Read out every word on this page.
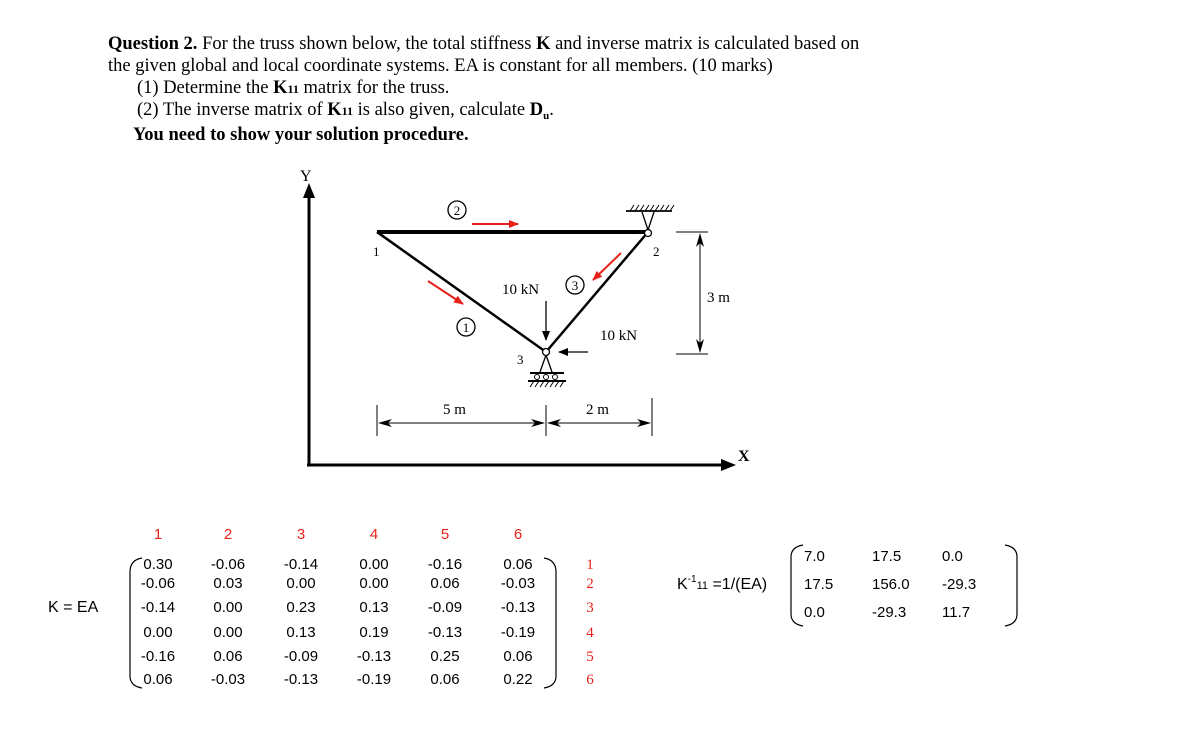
Question 2. For the truss shown below, the total stiffness K and inverse matrix is calculated based on
the given global and local coordinate systems. EA is constant for all members. (10 marks)
(1) Determine the K11 matrix for the truss.
(2) The inverse matrix of K11 is also given, calculate $D_u$.
You need to show your solution procedure.
Y
X
1
2
3
1	2
3
10 kN
10 kN
5 m	2 m
3 m
K = EA
1	2	3	4	5	6
0.30	-0.06	-0.14	0.00	-0.16	0.06
-0.06	0.03	0.00	0.00	0.06	-0.03
-0.14	0.00	0.23	0.13	-0.09	-0.13
0.00	0.00	0.13	0.19	-0.13	-0.19
-0.16	0.06	-0.09	-0.13	0.25	0.06
0.06	-0.03	-0.13	-0.19	0.06	0.22
1
2
3
4
5
6
$K^{-1}_{11} =1/(EA)$
7.0	17.5	0.0
17.5	156.0 -29.3
0.0	-29.3 11.7
